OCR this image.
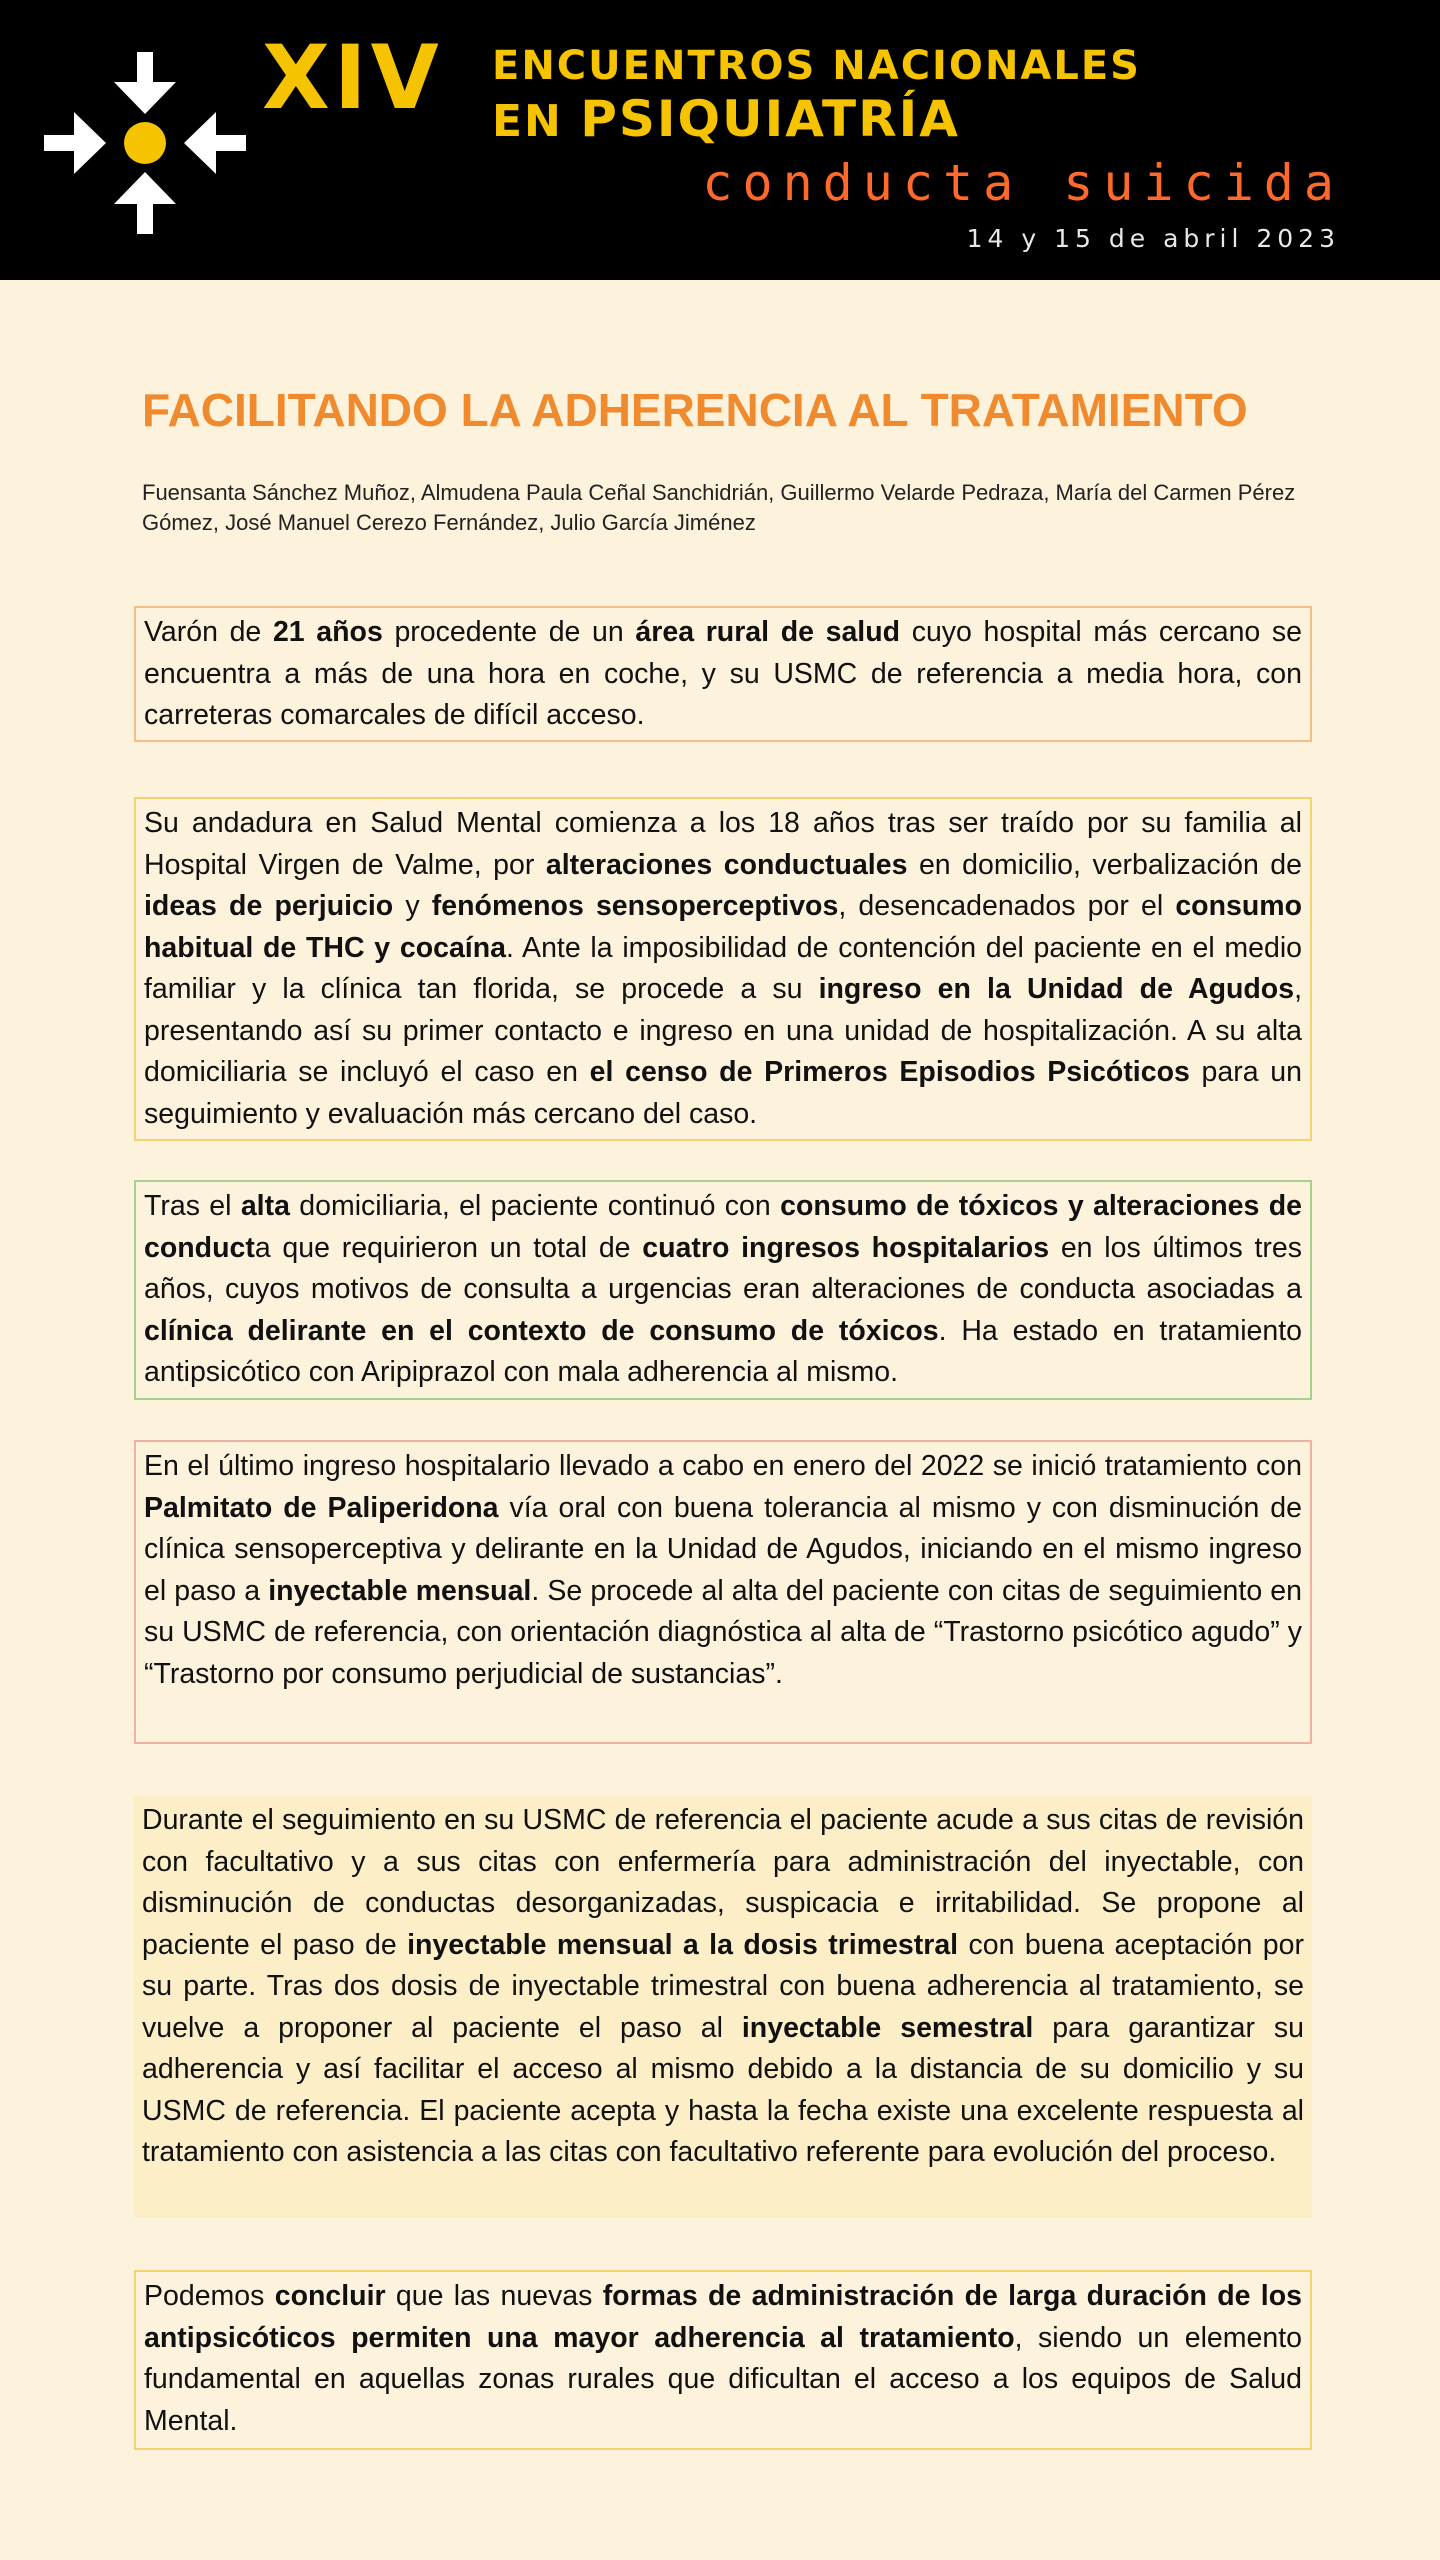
XIV ENCUENTROS NACIONALES
EN PSIQUIATRÍA
conducta suicida
14 y 15 de abril 2023
FACILITANDO LA ADHERENCIA AL TRATAMIENTO
Fuensanta Sánchez Muñoz, Almudena Paula Ceñal Sanchidrián, Guillermo Velarde Pedraza, María del Carmen Pérez Gómez, José Manuel Cerezo Fernández, Julio García Jiménez
Varón de 21 años procedente de un área rural de salud cuyo hospital más cercano se encuentra a más de una hora en coche, y su USMC de referencia a media hora, con carreteras comarcales de difícil acceso.
Su andadura en Salud Mental comienza a los 18 años tras ser traído por su familia al Hospital Virgen de Valme, por alteraciones conductuales en domicilio, verbalización de ideas de perjuicio y fenómenos sensoperceptivos, desencadenados por el consumo habitual de THC y cocaína. Ante la imposibilidad de contención del paciente en el medio familiar y la clínica tan florida, se procede a su ingreso en la Unidad de Agudos, presentando así su primer contacto e ingreso en una unidad de hospitalización. A su alta domiciliaria se incluyó el caso en el censo de Primeros Episodios Psicóticos para un seguimiento y evaluación más cercano del caso.
Tras el alta domiciliaria, el paciente continuó con consumo de tóxicos y alteraciones de conducta que requirieron un total de cuatro ingresos hospitalarios en los últimos tres años, cuyos motivos de consulta a urgencias eran alteraciones de conducta asociadas a clínica delirante en el contexto de consumo de tóxicos. Ha estado en tratamiento antipsicótico con Aripiprazol con mala adherencia al mismo.
En el último ingreso hospitalario llevado a cabo en enero del 2022 se inició tratamiento con Palmitato de Paliperidona vía oral con buena tolerancia al mismo y con disminución de clínica sensoperceptiva y delirante en la Unidad de Agudos, iniciando en el mismo ingreso el paso a inyectable mensual. Se procede al alta del paciente con citas de seguimiento en su USMC de referencia, con orientación diagnóstica al alta de “Trastorno psicótico agudo” y “Trastorno por consumo perjudicial de sustancias”.
Durante el seguimiento en su USMC de referencia el paciente acude a sus citas de revisión con facultativo y a sus citas con enfermería para administración del inyectable, con disminución de conductas desorganizadas, suspicacia e irritabilidad. Se propone al paciente el paso de inyectable mensual a la dosis trimestral con buena aceptación por su parte. Tras dos dosis de inyectable trimestral con buena adherencia al tratamiento, se vuelve a proponer al paciente el paso al inyectable semestral para garantizar su adherencia y así facilitar el acceso al mismo debido a la distancia de su domicilio y su USMC de referencia. El paciente acepta y hasta la fecha existe una excelente respuesta al tratamiento con asistencia a las citas con facultativo referente para evolución del proceso.
Podemos concluir que las nuevas formas de administración de larga duración de los antipsicóticos permiten una mayor adherencia al tratamiento, siendo un elemento fundamental en aquellas zonas rurales que dificultan el acceso a los equipos de Salud Mental.
